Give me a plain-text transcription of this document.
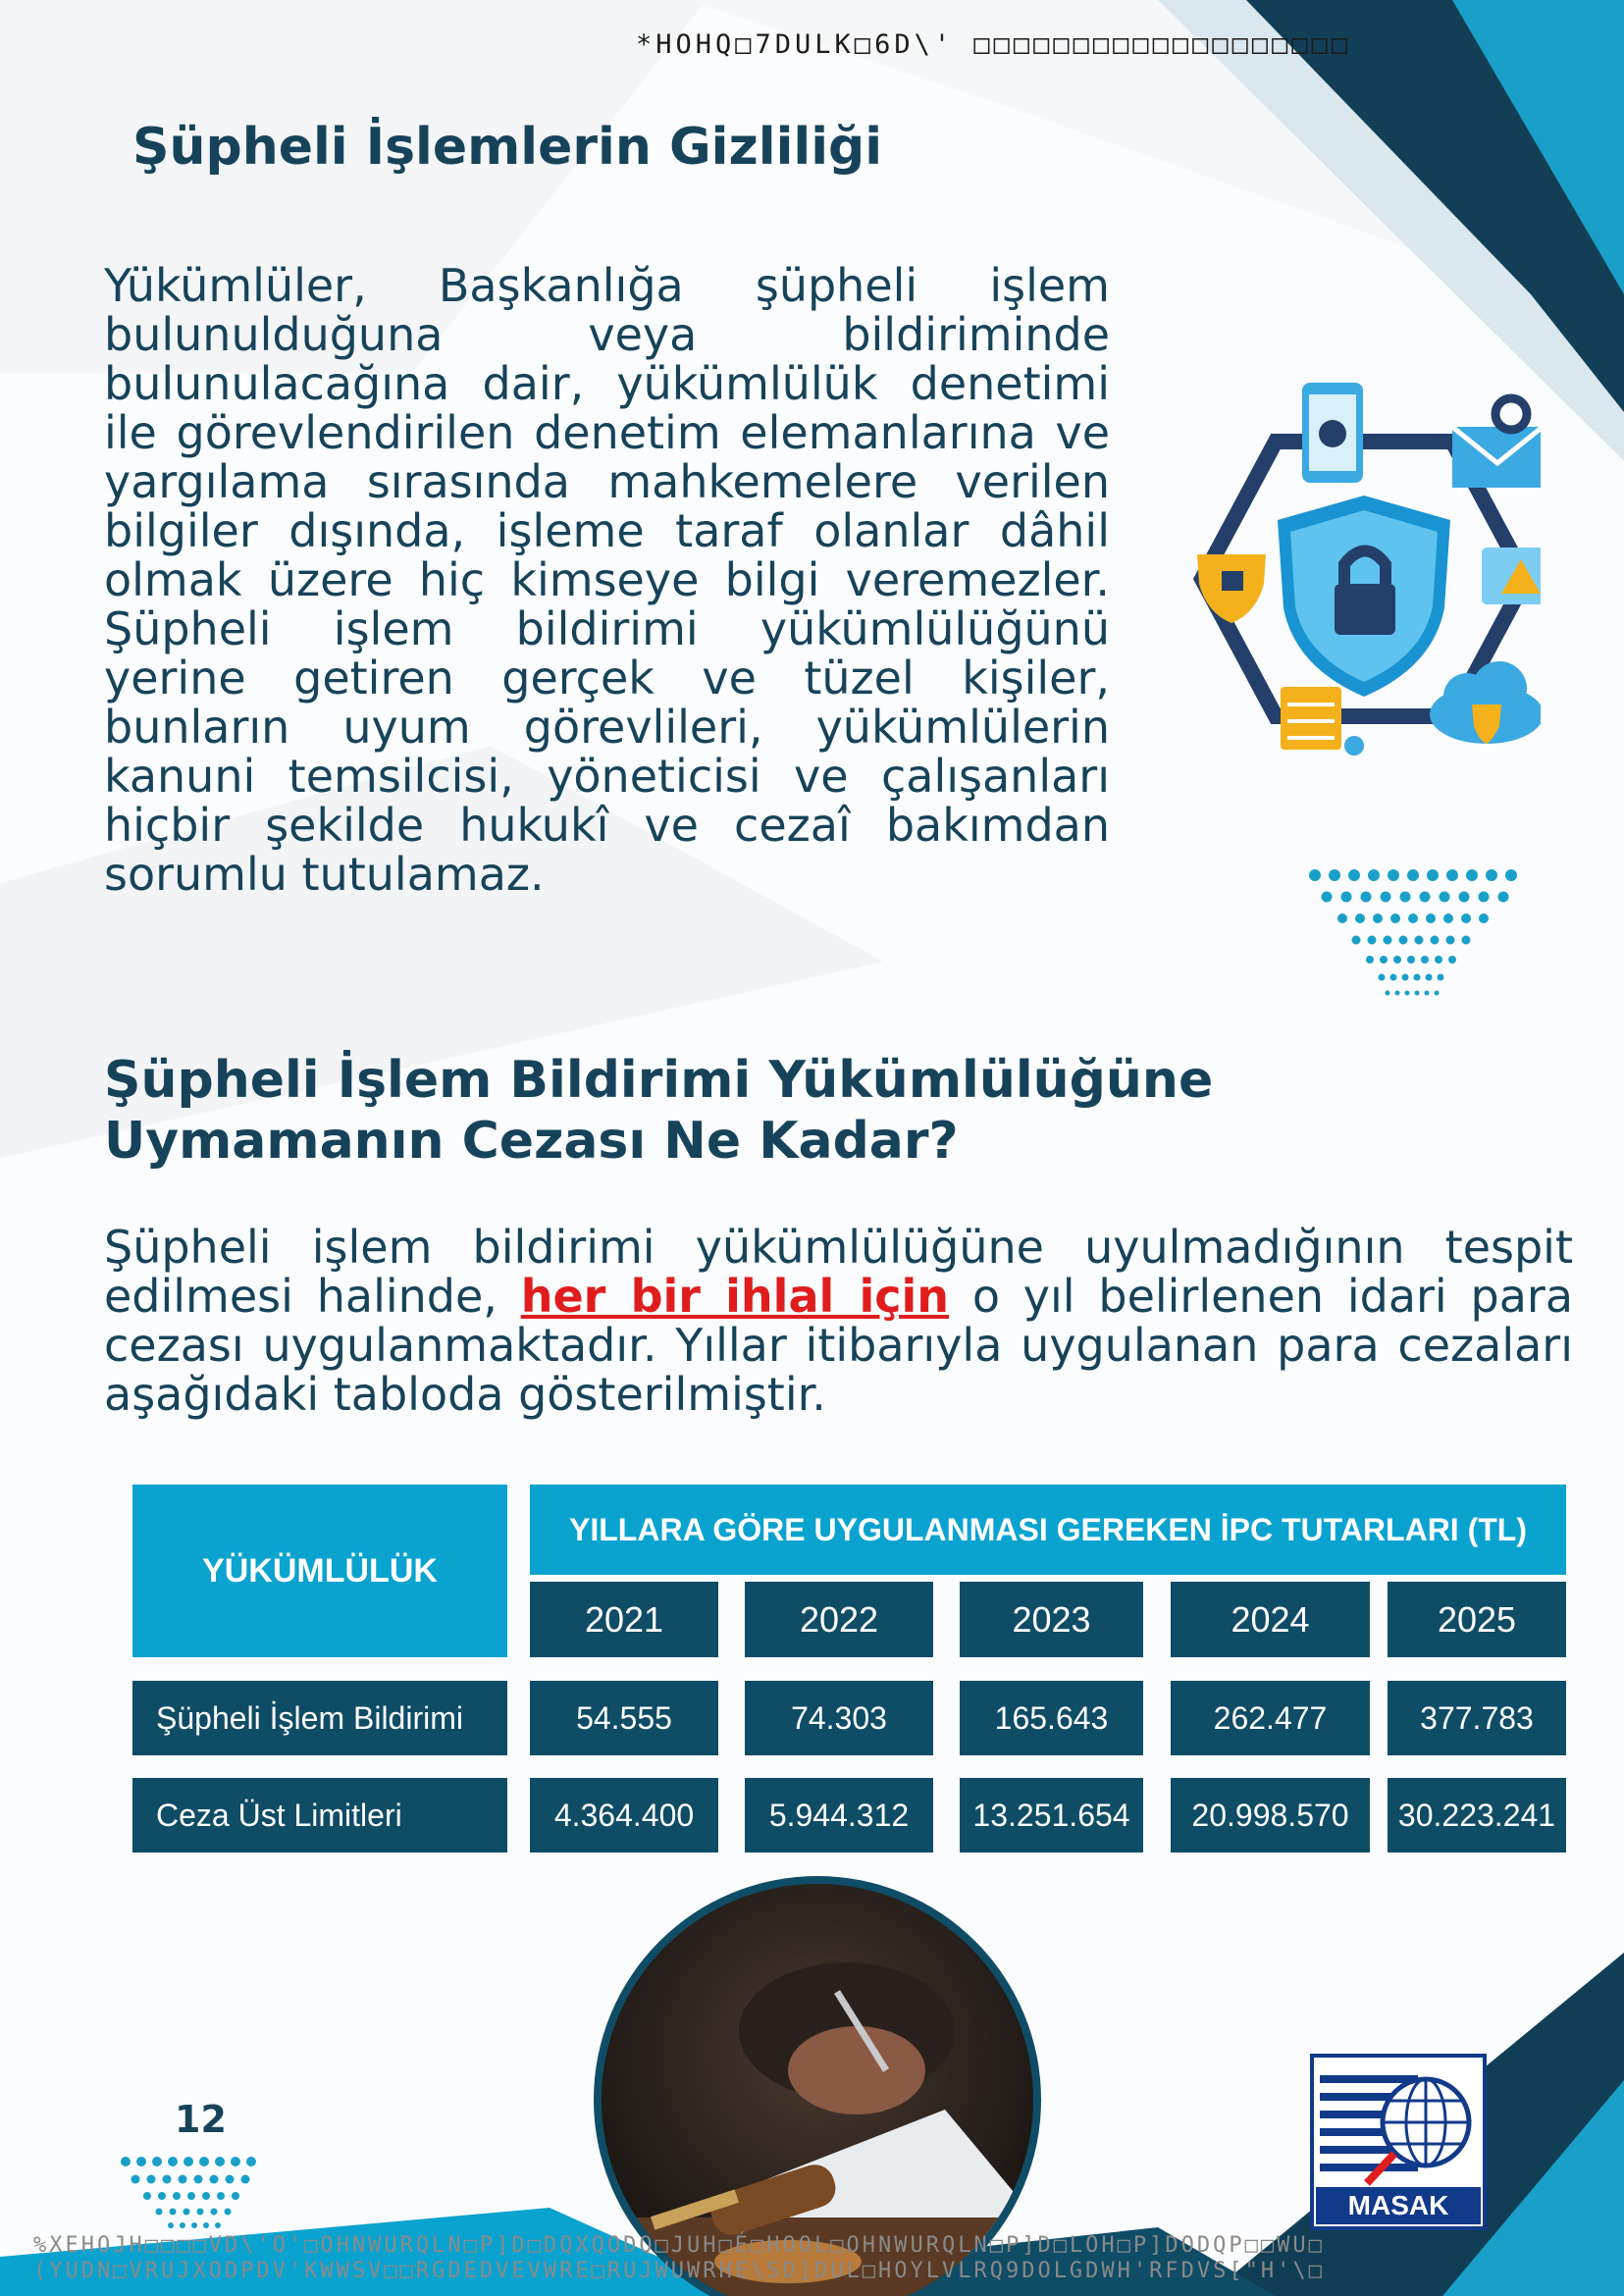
*HOHQ□7DULK□6D\' □□□□□□□□□□□□□□□□□□□
Şüpheli İşlemlerin Gizliliği
Yükümlüler, Başkanlığa şüpheli işlem bulunulduğuna veya bildiriminde bulunulacağına dair, yükümlülük denetimi ile görevlendirilen denetim elemanlarına ve yargılama sırasında mahkemelere verilen bilgiler dışında, işleme taraf olanlar dâhil olmak üzere hiç kimseye bilgi veremezler. Şüpheli işlem bildirimi yükümlülüğünü yerine getiren gerçek ve tüzel kişiler, bunların uyum görevlileri, yükümlülerin kanuni temsilcisi, yöneticisi ve çalışanları hiçbir şekilde hukukî ve cezaî bakımdan sorumlu tutulamaz.
Şüpheli İşlem Bildirimi Yükümlülüğüne Uymamanın Cezası Ne Kadar?
Şüpheli işlem bildirimi yükümlülüğüne uyulmadığının tespit edilmesi halinde, her bir ihlal için o yıl belirlenen idari para cezası uygulanmaktadır. Yıllar itibarıyla uygulanan para cezaları aşağıdaki tabloda gösterilmiştir.
YÜKÜMLÜLÜK
YILLARA GÖRE UYGULANMASI GEREKEN İPC TUTARLARI (TL)
2021	2022	2023	2024	2025
Şüpheli İşlem Bildirimi	54.555	74.303	165.643	262.477	377.783
Ceza Üst Limitleri	4.364.400	5.944.312	13.251.654	20.998.570	30.223.241
MASAK
12
%XEHOJH□□□□VD\'O'□OHNWURQLN□P]D□DQXQODQ□JUH□É□HOOL□OHNWURQLN□P]D□LOH□P]DODQP□□WU□
(YUDN□VRUJXODPDV'KWWSV□□RGDEDVEVWRE□RUJWUWRHE\SD]DUL□HOYLVLRQ9DOLGDWH'RFDVS["H'\□
